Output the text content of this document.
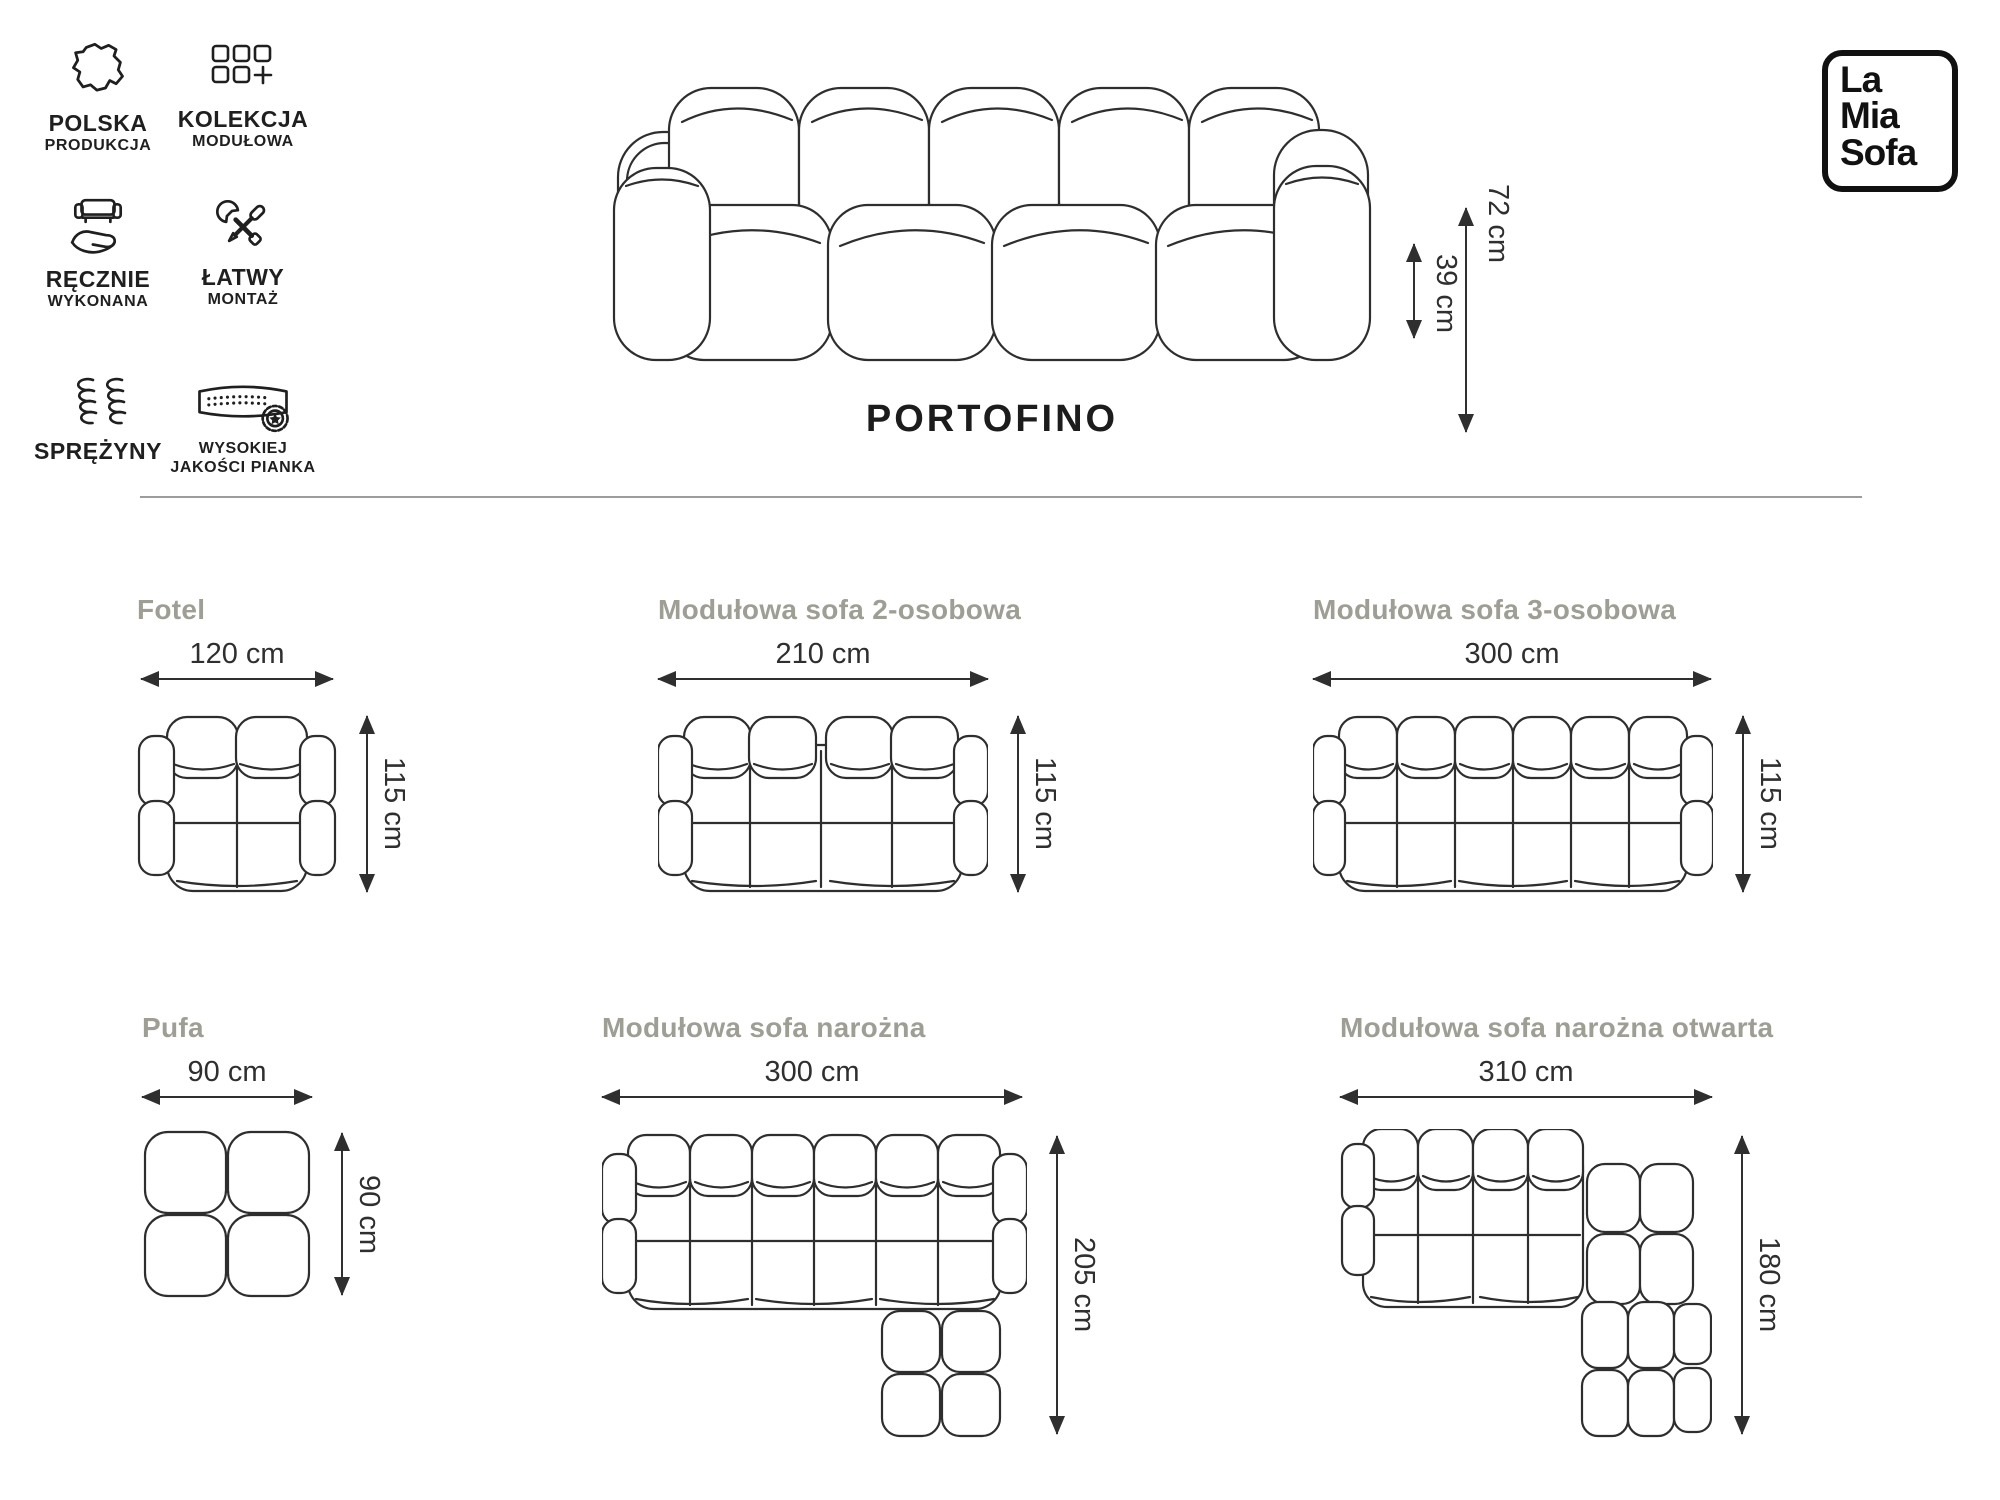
POLSKA
PRODUKCJA
KOLEKCJA
MODUŁOWA
RĘCZNIE
WYKONANA
ŁATWY
MONTAŻ
SPRĘŻYNY WYSOKIEJ
JAKOŚCI PIANKA
La
Mia
Sofa
39 cm
72 cm
PORTOFINO
Fotel
120 cm
115 cm
Modułowa sofa 2-osobowa
210 cm
115 cm
Modułowa sofa 3-osobowa
300 cm
115 cm
Pufa
90 cm
90 cm
Modułowa sofa narożna
300 cm
205 cm
Modułowa sofa narożna otwarta
310 cm
180 cm
